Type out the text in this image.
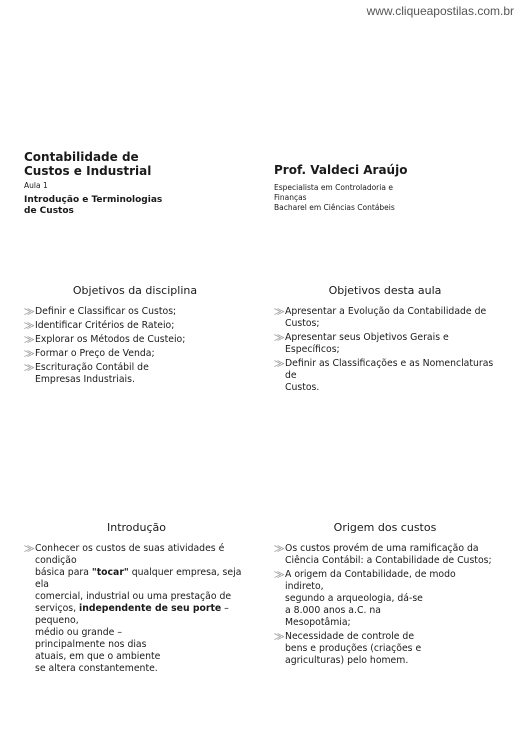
www.cliqueapostilas.com.br
Contabilidade de
Custos e Industrial
Aula 1
Introdução e Terminologias
de Custos
Prof. Valdeci Araújo
Especialista em Controladoria e
Finanças
Bacharel em Ciências Contábeis
Objetivos da disciplina
⨠ Definir e Classificar os Custos;
⨠ Identificar Critérios de Rateio;
⨠ Explorar os Métodos de Custeio;
⨠ Formar o Preço de Venda;
⨠ Escrituração Contábil de
Empresas Industriais.
Objetivos desta aula
⨠ Apresentar a Evolução da Contabilidade de
Custos;
⨠ Apresentar seus Objetivos Gerais e Específicos;
⨠ Definir as Classificações e as Nomenclaturas de
Custos.
Introdução
⨠ Conhecer os custos de suas atividades é condição
básica para "tocar" qualquer empresa, seja ela
comercial, industrial ou uma prestação de
serviços, independente de seu porte – pequeno,
médio ou grande –
principalmente nos dias
atuais, em que o ambiente
se altera constantemente.
Origem dos custos
⨠ Os custos provém de uma ramificação da
Ciência Contábil: a Contabilidade de Custos;
⨠ A origem da Contabilidade, de modo indireto,
segundo a arqueologia, dá-se
a 8.000 anos a.C. na
Mesopotâmia;
⨠ Necessidade de controle de
bens e produções (criações e
agriculturas) pelo homem.
